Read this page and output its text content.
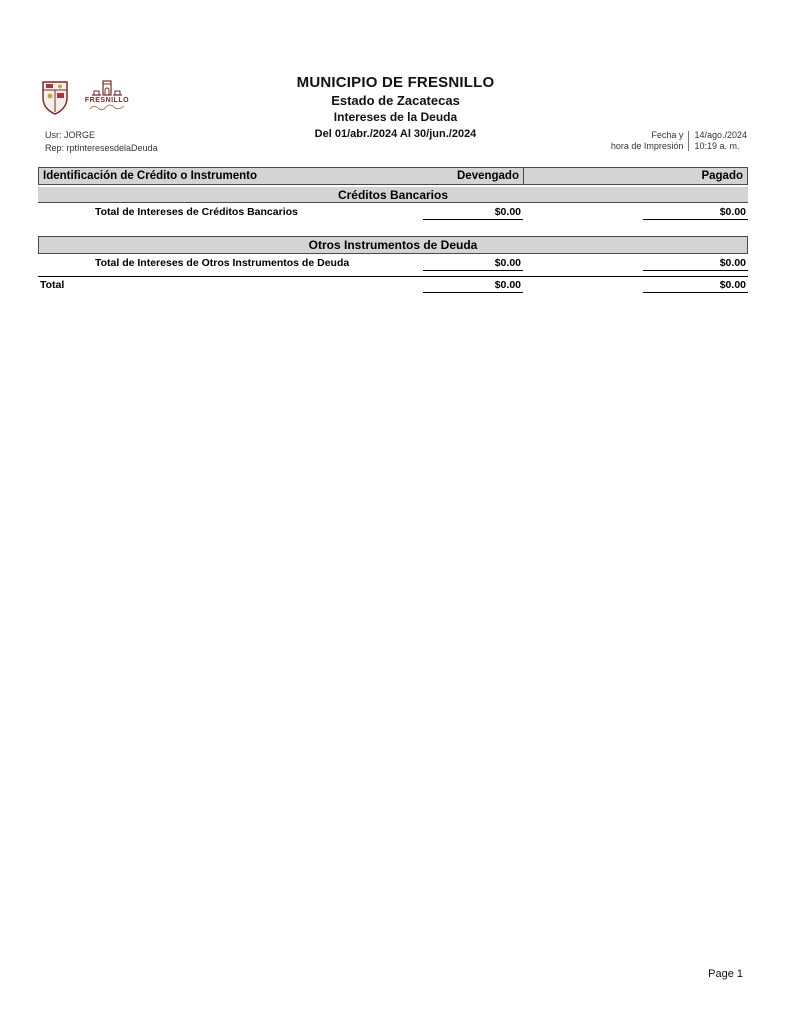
FRESNILLO
MUNICIPIO DE FRESNILLO
Estado de Zacatecas
Intereses de la Deuda
Del 01/abr./2024 Al 30/jun./2024
Usr: JORGE
Rep: rptInteresesdelaDeuda
Fecha y
hora de Impresión
14/ago./2024
10:19 a. m.
Identificación de Crédito o Instrumento	Devengado	Pagado
Créditos Bancarios
Total de Intereses de Créditos Bancarios	$0.00	$0.00
Otros Instrumentos de Deuda
Total de Intereses de Otros Instrumentos de Deuda	$0.00	$0.00
Total	$0.00	$0.00
Page 1
